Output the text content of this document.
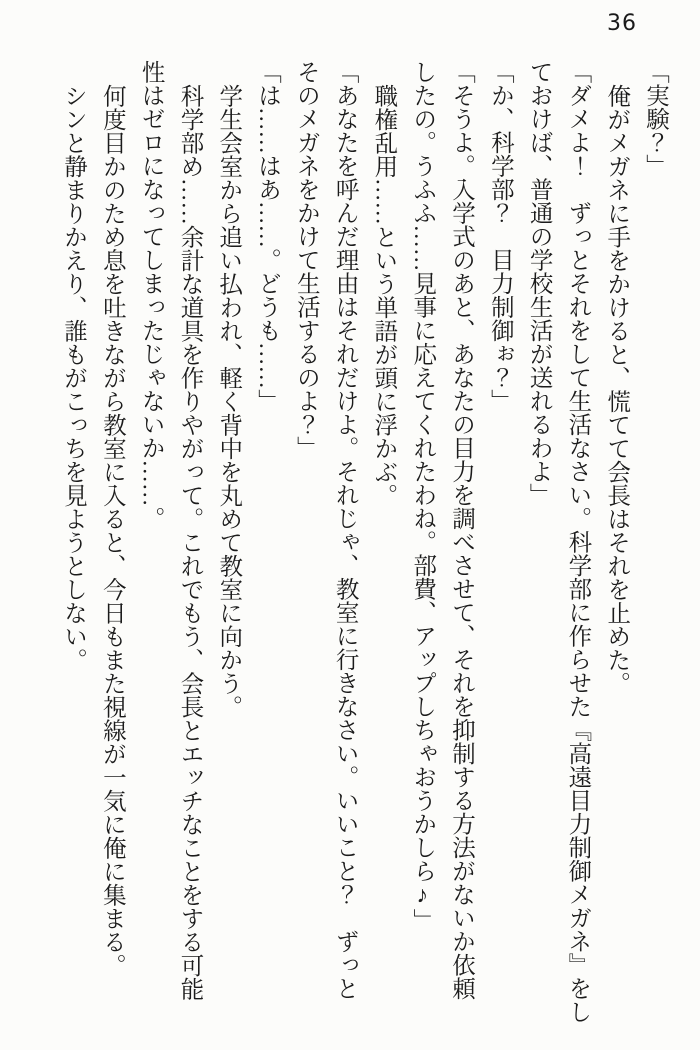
36

「実験？」

俺がメガネに手をかけると、慌てて会長はそれを止めた。

「ダメよ！　ずっとそれをして生活なさい。科学部に作らせた『高遠目力制御メガネ』をし

ておけば、普通の学校生活が送れるわよ」

「か、科学部？　目力制御ぉ？」

「そうよ。入学式のあと、あなたの目力を調べさせて、それを抑制する方法がないか依頼

したの。うふふ……見事に応えてくれたわね。部費、アップしちゃおうかしら♪」

職権乱用……という単語が頭に浮かぶ。

「あなたを呼んだ理由はそれだけよ。それじゃ、教室に行きなさい。いいこと？　ずっと

そのメガネをかけて生活するのよ？」

「は……はあ……。どうも……」

学生会室から追い払われ、軽く背中を丸めて教室に向かう。

科学部め……余計な道具を作りやがって。これでもう、会長とエッチなことをする可能

性はゼロになってしまったじゃないか……。

何度目かのため息を吐きながら教室に入ると、今日もまた視線が一気に俺に集まる。

シンと静まりかえり、誰もがこっちを見ようとしない。
